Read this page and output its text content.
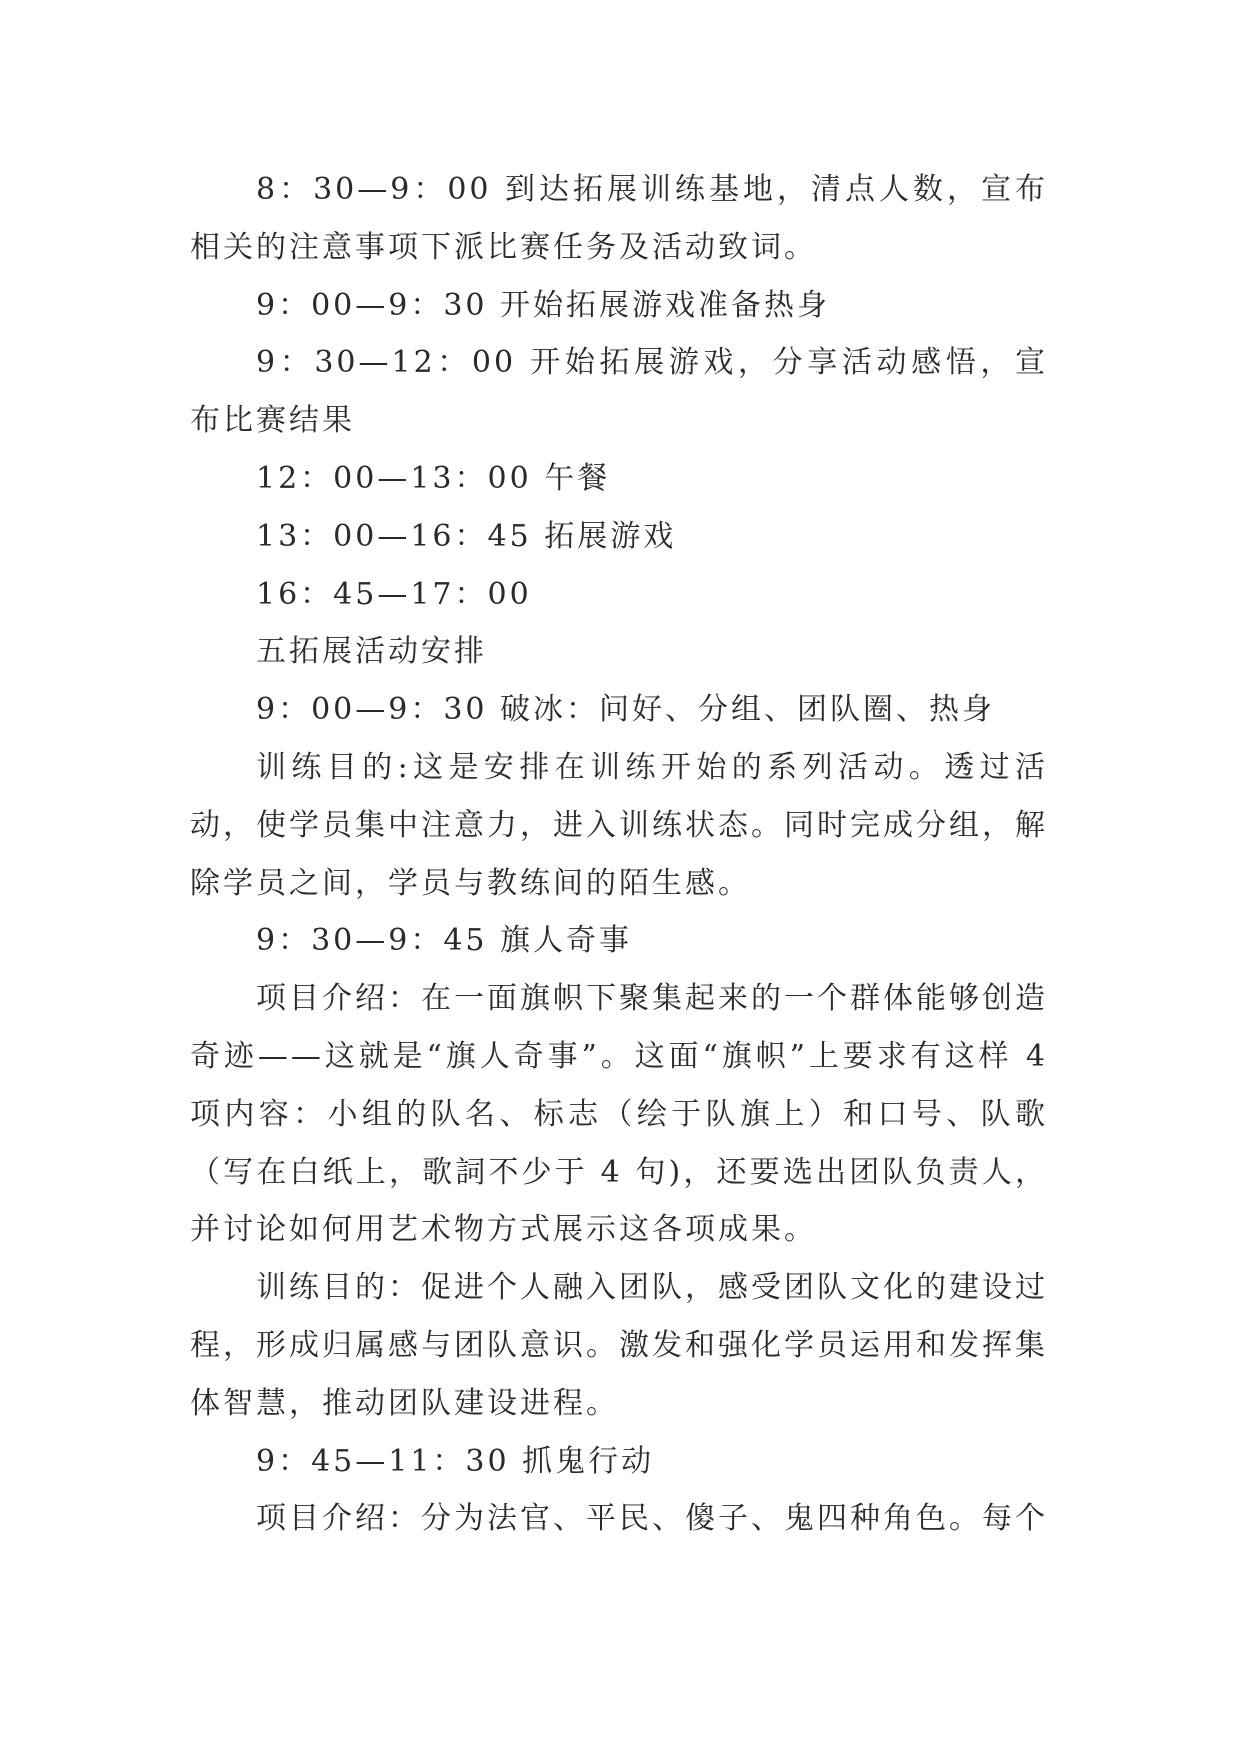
8：30—9：00 到达拓展训练基地，清点人数，宣布相关的注意事项下派比赛任务及活动致词。

9：00—9：30 开始拓展游戏准备热身

9：30—12：00 开始拓展游戏，分享活动感悟，宣布比赛结果

12：00—13：00 午餐

13：00—16：45 拓展游戏

16：45—17：00

五拓展活动安排

9：00—9：30 破冰：问好、分组、团队圈、热身

训练目的:这是安排在训练开始的系列活动。透过活动，使学员集中注意力，进入训练状态。同时完成分组，解除学员之间，学员与教练间的陌生感。

9：30—9：45 旗人奇事

项目介绍：在一面旗帜下聚集起来的一个群体能够创造奇迹——这就是“旗人奇事”。这面“旗帜”上要求有这样 4 项内容：小组的队名、标志（绘于队旗上）和口号、队歌（写在白纸上，歌詞不少于 4 句)，还要选出团队负责人，并讨论如何用艺术物方式展示这各项成果。

训练目的：促进个人融入团队，感受团队文化的建设过程，形成归属感与团队意识。激发和强化学员运用和发挥集体智慧，推动团队建设进程。

9：45—11：30 抓鬼行动

项目介绍：分为法官、平民、傻子、鬼四种角色。每个
